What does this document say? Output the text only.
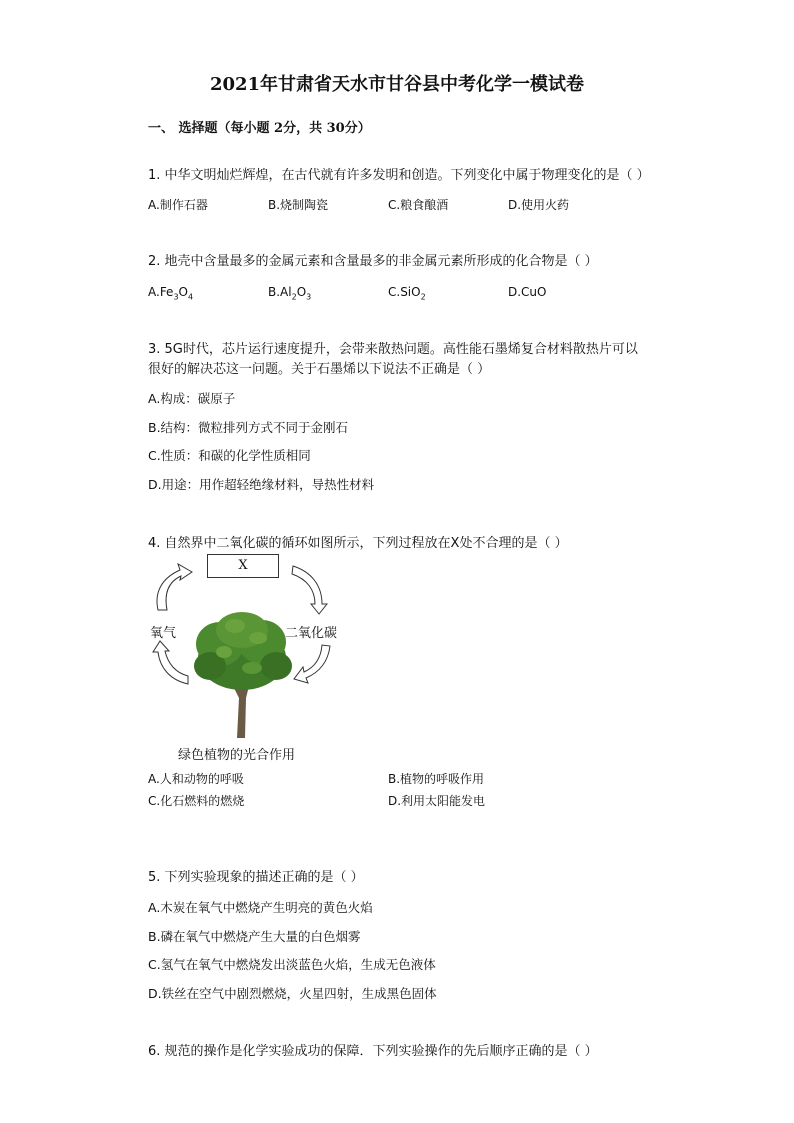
2021年甘肃省天水市甘谷县中考化学一模试卷
一、 选择题（每小题 2分，共 30分）

1. 中华文明灿烂辉煌，在古代就有许多发明和创造。下列变化中属于物理变化的是（ ）

A.制作石器	B.烧制陶瓷	C.粮食酿酒	D.使用火药

2. 地壳中含量最多的金属元素和含量最多的非金属元素所形成的化合物是（ ）

$A.Fe_3O_4$	$B.Al_2O_3$	C.SiO$_2$	D.CuO

3. 5G时代，芯片运行速度提升，会带来散热问题。高性能石墨烯复合材料散热片可以

很好的解决芯这一问题。关于石墨烯以下说法不正确是（ ）

A.构成：碳原子
B.结构：微粒排列方式不同于金刚石
C.性质：和碳的化学性质相同
D.用途：用作超轻绝缘材料，导热性材料

4. 自然界中二氧化碳的循环如图所示，下列过程放在X处不合理的是（ ）

X
氧气	二氧化碳
绿色植物的光合作用
A.人和动物的呼吸	B.植物的呼吸作用
C.化石燃料的燃烧	D.利用太阳能发电

5. 下列实验现象的描述正确的是（ ）

A.木炭在氧气中燃烧产生明亮的黄色火焰
B.磷在氧气中燃烧产生大量的白色烟雾
C.氢气在氧气中燃烧发出淡蓝色火焰，生成无色液体
D.铁丝在空气中剧烈燃烧，火星四射，生成黑色固体

6. 规范的操作是化学实验成功的保障．下列实验操作的先后顺序正确的是（ ）
